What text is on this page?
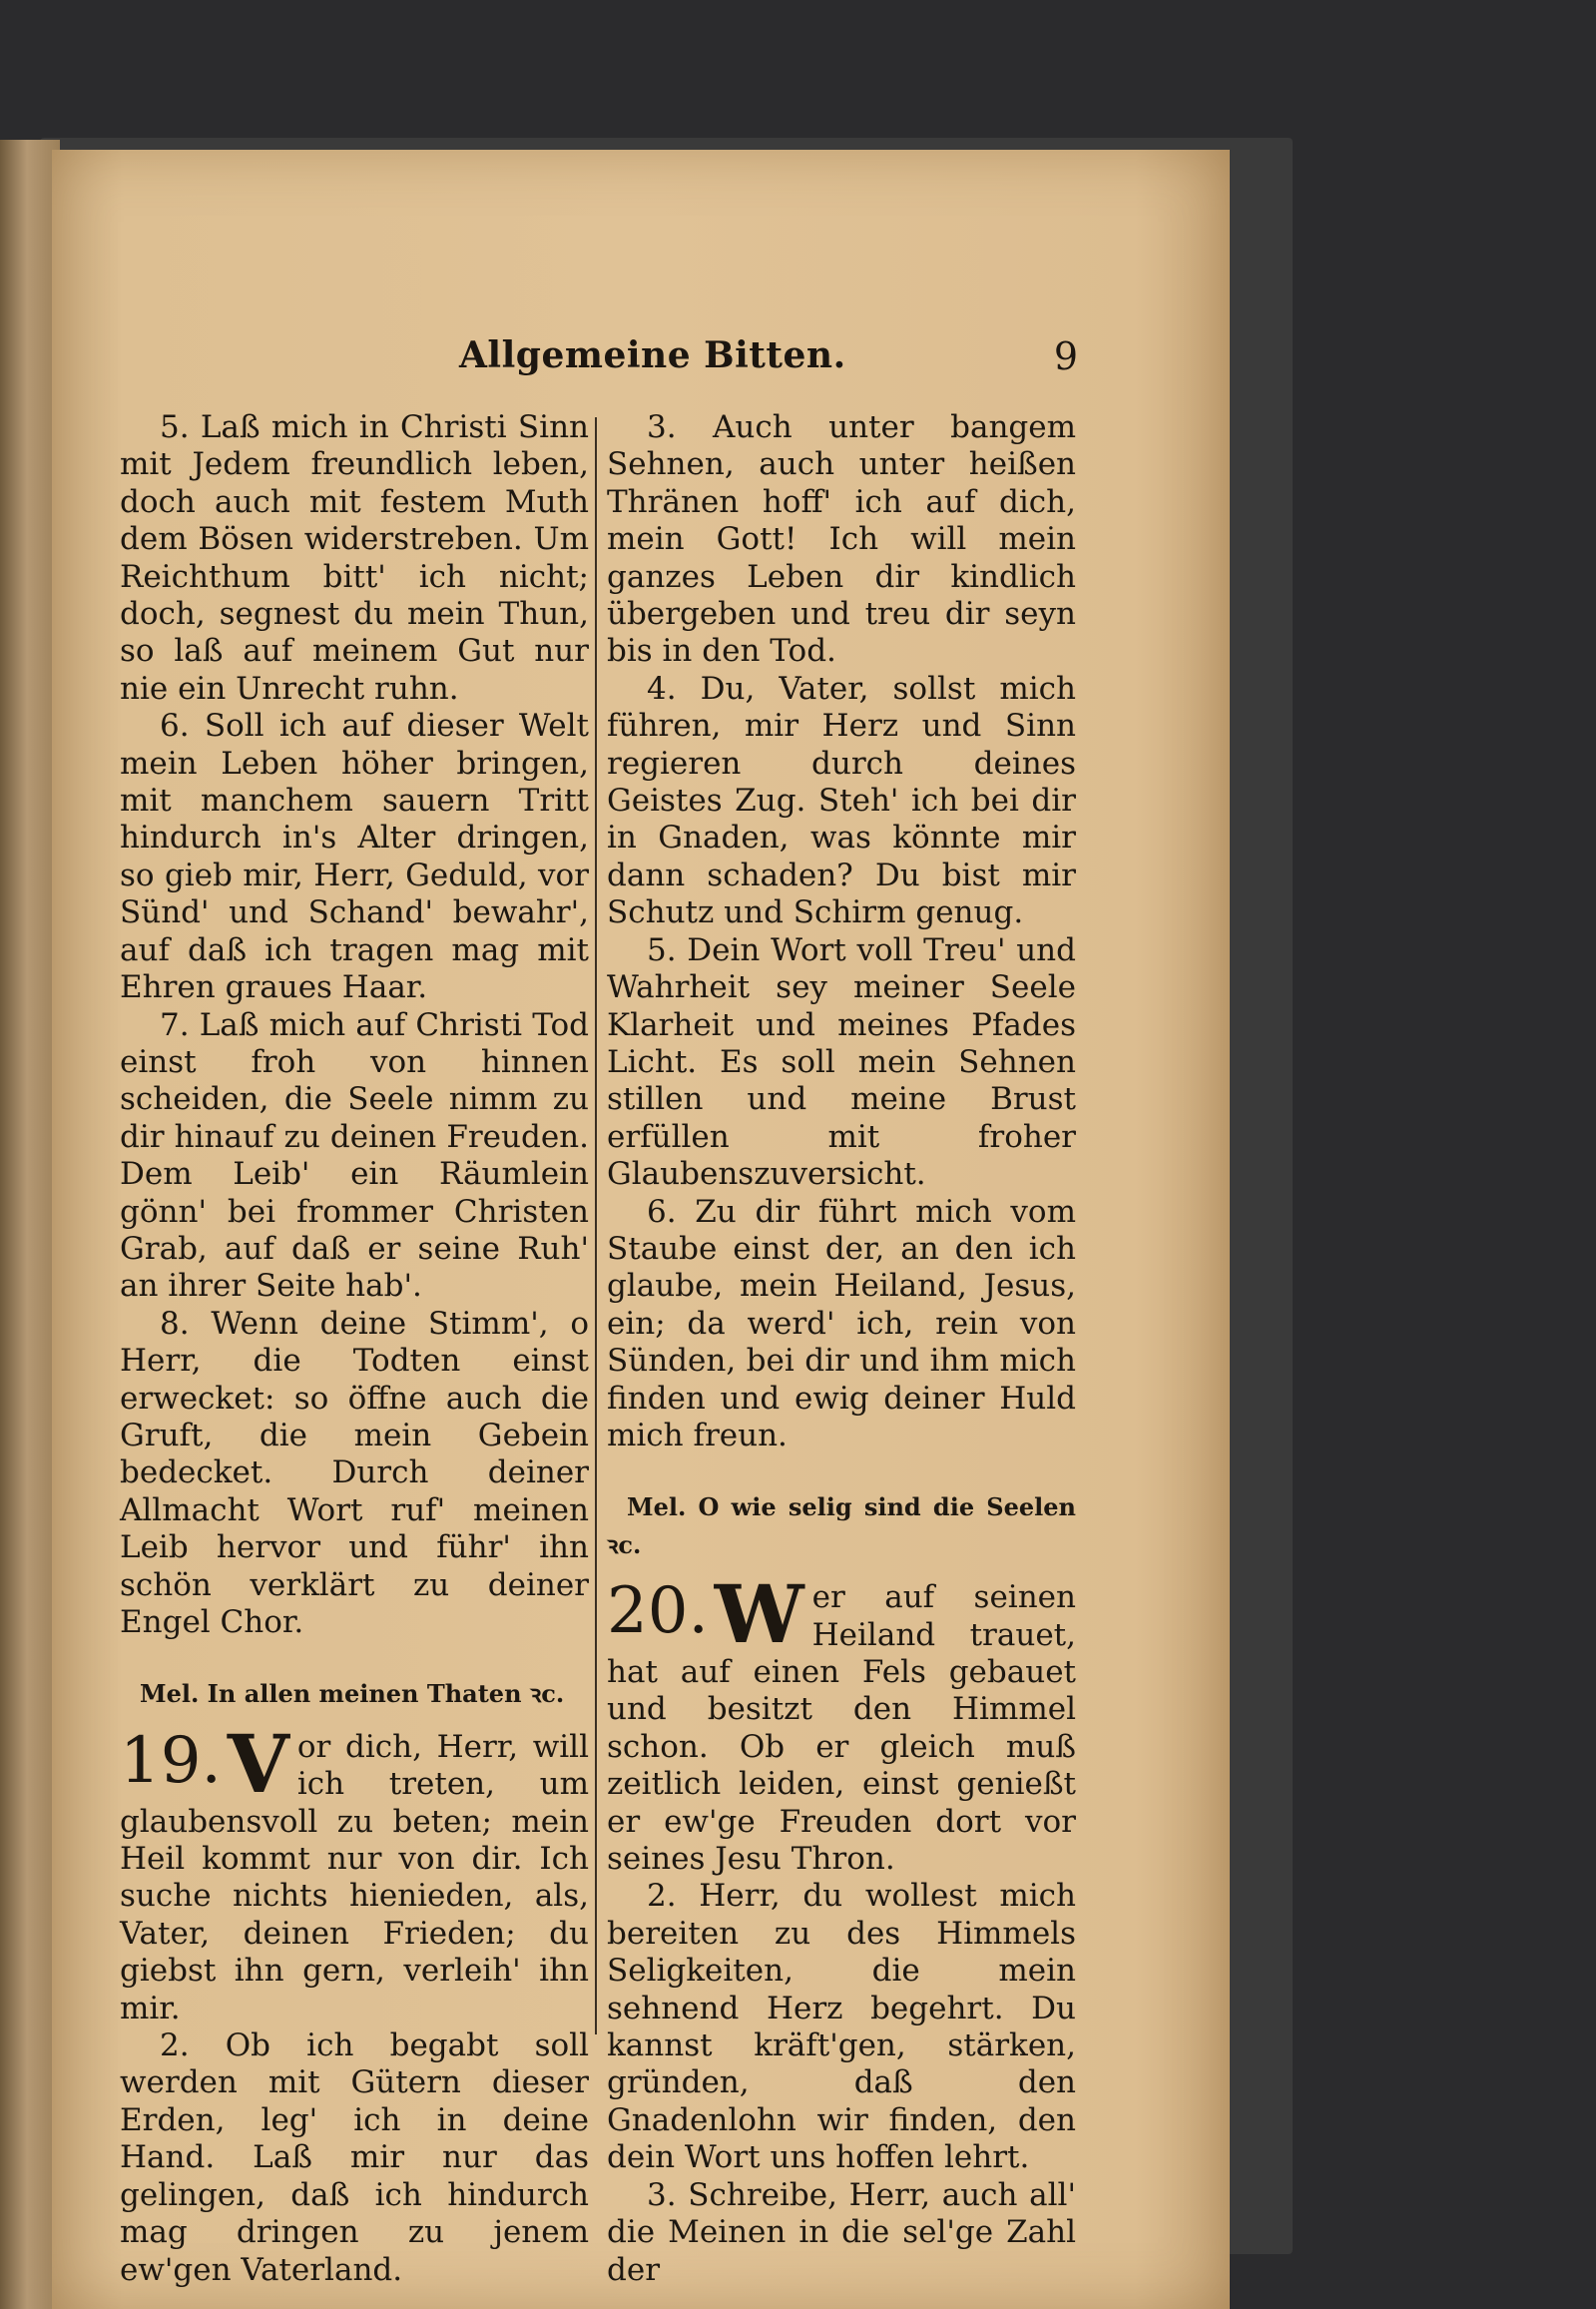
Allgemeine Bitten.	9

5. Laß mich in Christi Sinn mit Jedem freundlich leben, doch auch mit festem Muth dem Bösen widerstreben. Um Reichthum bitt' ich nicht; doch, segnest du mein Thun, so laß auf meinem Gut nur nie ein Unrecht ruhn.

6. Soll ich auf dieser Welt mein Leben höher bringen, mit manchem sauern Tritt hindurch in's Alter dringen, so gieb mir, Herr, Geduld, vor Sünd' und Schand' bewahr', auf daß ich tragen mag mit Ehren graues Haar.

7. Laß mich auf Christi Tod einst froh von hinnen scheiden, die Seele nimm zu dir hinauf zu deinen Freuden. Dem Leib' ein Räumlein gönn' bei frommer Christen Grab, auf daß er seine Ruh' an ihrer Seite hab'.

8. Wenn deine Stimm', o Herr, die Todten einst erwecket: so öffne auch die Gruft, die mein Gebein bedecket. Durch deiner Allmacht Wort ruf' meinen Leib hervor und führ' ihn schön verklärt zu deiner Engel Chor.

Mel. In allen meinen Thaten ꝛc.

19. V or dich, Herr, will ich treten, um glaubensvoll zu beten; mein Heil kommt nur von dir. Ich suche nichts hienieden, als, Vater, deinen Frieden; du giebst ihn gern, verleih' ihn mir.

2. Ob ich begabt soll werden mit Gütern dieser Erden, leg' ich in deine Hand. Laß mir nur das gelingen, daß ich hindurch mag dringen zu jenem ew'gen Vaterland.

3. Auch unter bangem Sehnen, auch unter heißen Thränen hoff' ich auf dich, mein Gott! Ich will mein ganzes Leben dir kindlich übergeben und treu dir seyn bis in den Tod.

4. Du, Vater, sollst mich führen, mir Herz und Sinn regieren durch deines Geistes Zug. Steh' ich bei dir in Gnaden, was könnte mir dann schaden? Du bist mir Schutz und Schirm genug.

5. Dein Wort voll Treu' und Wahrheit sey meiner Seele Klarheit und meines Pfades Licht. Es soll mein Sehnen stillen und meine Brust erfüllen mit froher Glaubenszuversicht.

6. Zu dir führt mich vom Staube einst der, an den ich glaube, mein Heiland, Jesus, ein; da werd' ich, rein von Sünden, bei dir und ihm mich finden und ewig deiner Huld mich freun.

Mel. O wie selig sind die Seelen ꝛc.

20. W er auf seinen Heiland trauet, hat auf einen Fels gebauet und besitzt den Himmel schon. Ob er gleich muß zeitlich leiden, einst genießt er ew'ge Freuden dort vor seines Jesu Thron.

2. Herr, du wollest mich bereiten zu des Himmels Seligkeiten, die mein sehnend Herz begehrt. Du kannst kräft'gen, stärken, gründen, daß den Gnadenlohn wir finden, den dein Wort uns hoffen lehrt.

3. Schreibe, Herr, auch all' die Meinen in die sel'ge Zahl der
